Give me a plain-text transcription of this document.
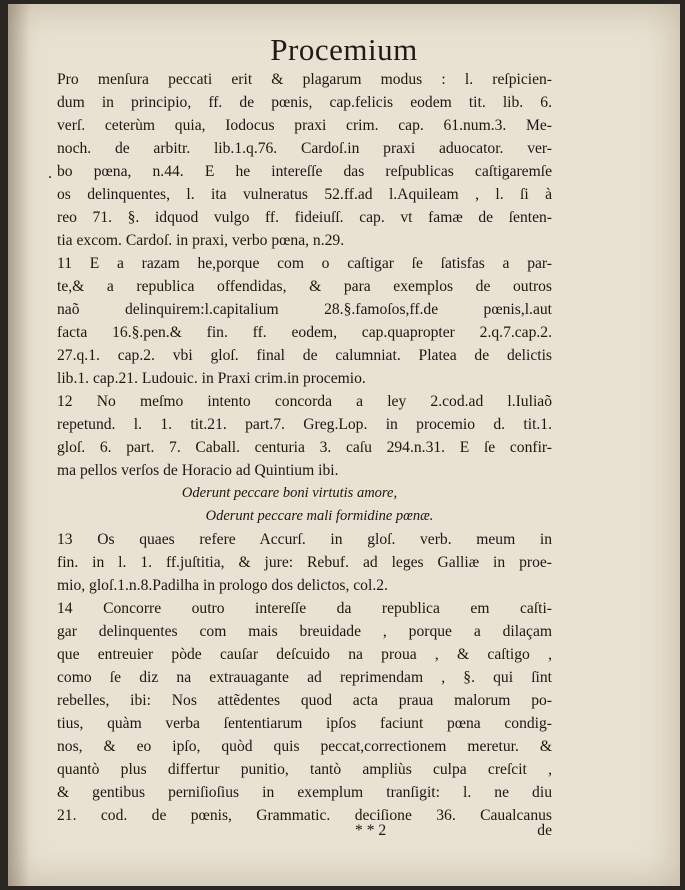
Procemium
.
Pro menſura peccati erit & plagarum modus : l. reſpicien-
dum in principio, ff. de pœnis, cap.felicis eodem tit. lib. 6.
verſ. ceterùm quia, Iodocus praxi crim. cap. 61.num.3. Me-
noch. de arbitr. lib.1.q.76. Cardoſ.in praxi aduocator. ver-
bo pœna, n.44. E he intereſſe das reſpublicas caſtigaremſe
os delinquentes, l. ita vulneratus 52.ff.ad l.Aquileam , l. ſi à
reo 71. §. idquod vulgo ff. fideiuſſ. cap. vt famæ de ſenten-
tia excom. Cardoſ. in praxi, verbo pœna, n.29.
11 E a razam he,porque com o caſtigar ſe ſatisfas a par-
te,& a republica offendidas, & para exemplos de outros
naõ delinquirem:l.capitalium 28.§.famoſos,ff.de pœnis,l.aut
facta 16.§.pen.& fin. ff. eodem, cap.quapropter 2.q.7.cap.2.
27.q.1. cap.2. vbi gloſ. final de calumniat. Platea de delictis
lib.1. cap.21. Ludouic. in Praxi crim.in procemio.
12 No meſmo intento concorda a ley 2.cod.ad l.Iuliaõ
repetund. l. 1. tit.21. part.7. Greg.Lop. in procemio d. tit.1.
gloſ. 6. part. 7. Caball. centuria 3. caſu 294.n.31. E ſe confir-
ma pellos verſos de Horacio ad Quintium ibi.
Oderunt peccare boni virtutis amore,
Oderunt peccare mali formidine pœnæ.
13 Os quaes refere Accurſ. in gloſ. verb. meum in
fin. in l. 1. ff.juſtitia, & jure: Rebuf. ad leges Galliæ in proe-
mio, gloſ.1.n.8.Padilha in prologo dos delictos, col.2.
14 Concorre outro intereſſe da republica em caſti-
gar delinquentes com mais breuidade , porque a dilaçam
que entreuier pòde cauſar deſcuido na proua , & caſtigo ,
como ſe diz na extrauagante ad reprimendam , §. qui ſint
rebelles, ibi: Nos attẽdentes quod acta praua malorum po-
tius, quàm verba ſententiarum ipſos faciunt pœna condig-
nos, & eo ipſo, quòd quis peccat,correctionem meretur. &
quantò plus differtur punitio, tantò ampliùs culpa creſcit ,
& gentibus perniſioſius in exemplum tranſigit: l. ne diu
21. cod. de pœnis, Grammatic. deciſione 36. Caualcanus
* * 2	de
